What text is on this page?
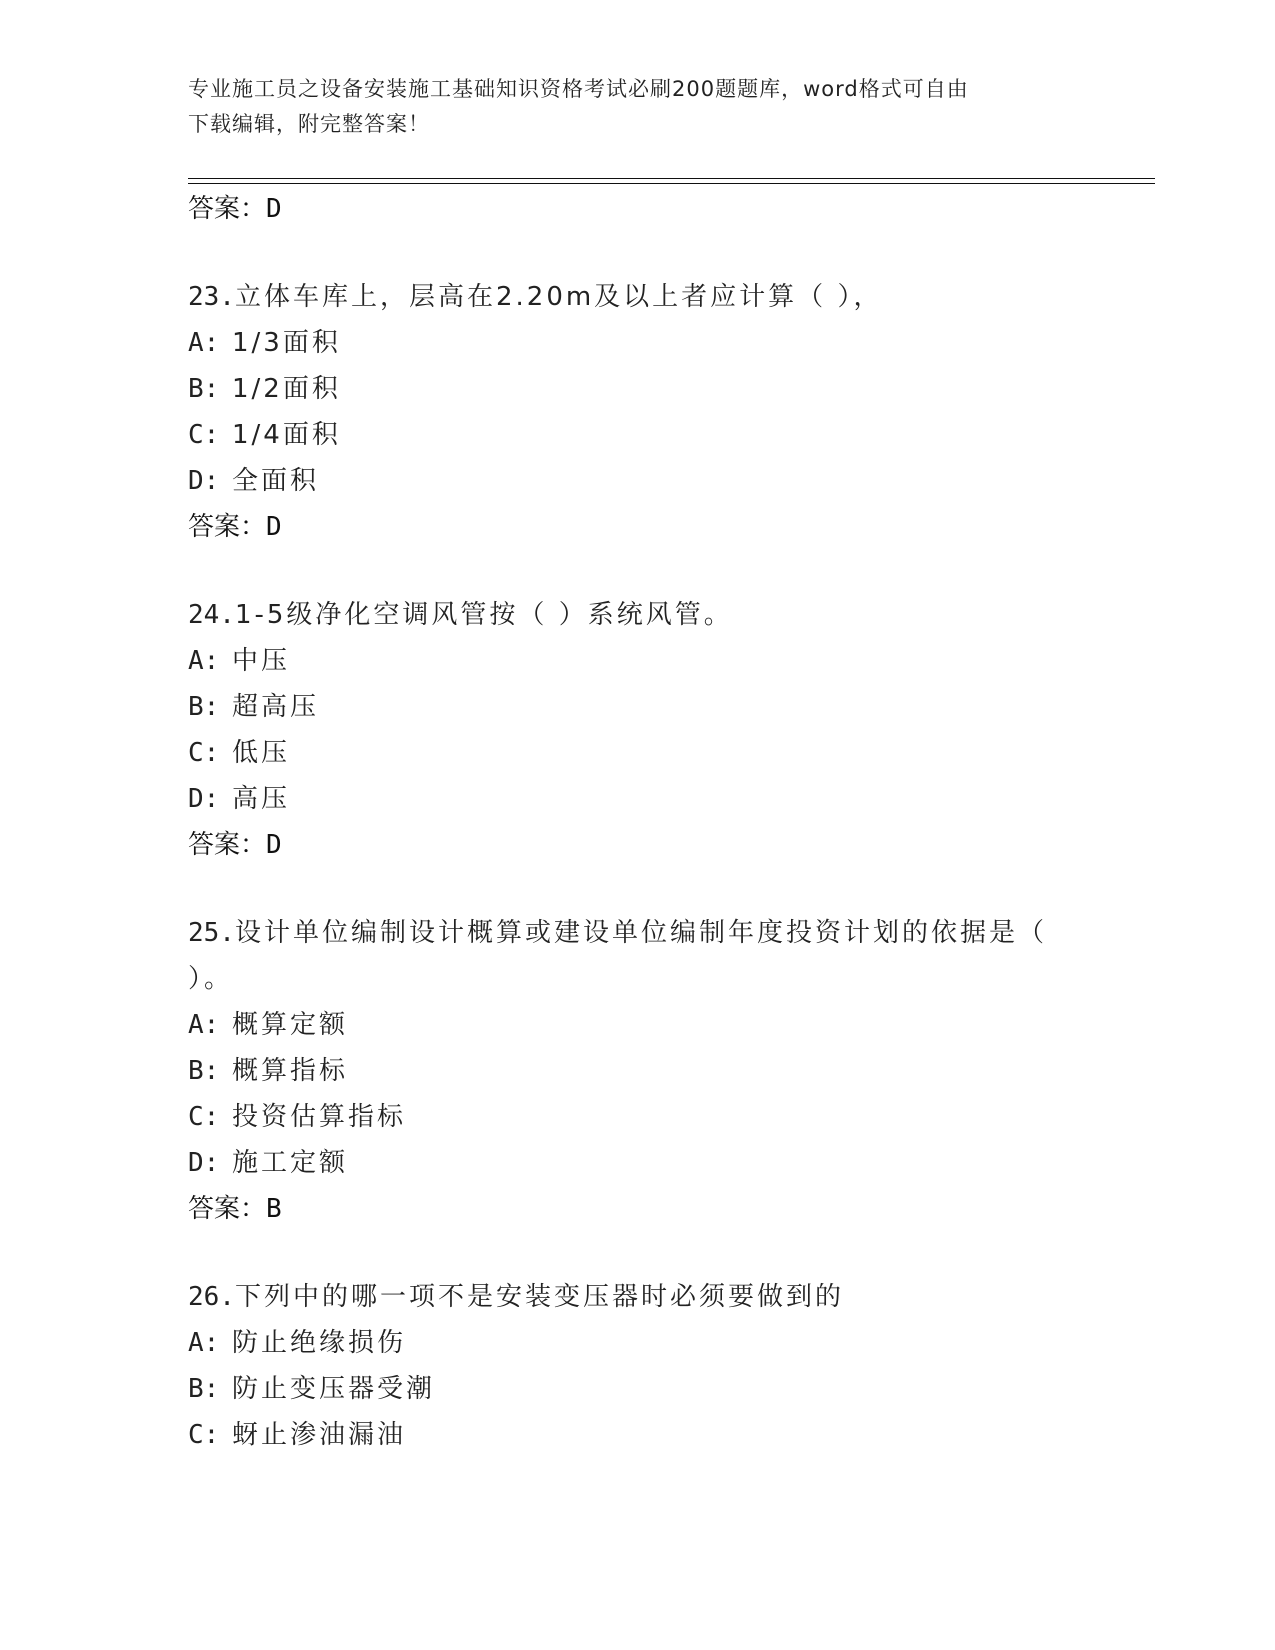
专业施工员之设备安装施工基础知识资格考试必刷200题题库，word格式可自由
下载编辑，附完整答案！
答案：D
23.立体车库上，层高在2.20m及以上者应计算（ ），
A: 1/3面积
B: 1/2面积
C: 1/4面积
D: 全面积
答案：D
24.1-5级净化空调风管按（ ）系统风管。
A: 中压
B: 超高压
C: 低压
D: 高压
答案：D
25.设计单位编制设计概算或建设单位编制年度投资计划的依据是（
）。
A: 概算定额
B: 概算指标
C: 投资估算指标
D: 施工定额
答案：B
26.下列中的哪一项不是安装变压器时必须要做到的
A: 防止绝缘损伤
B: 防止变压器受潮
C: 蚜止渗油漏油
